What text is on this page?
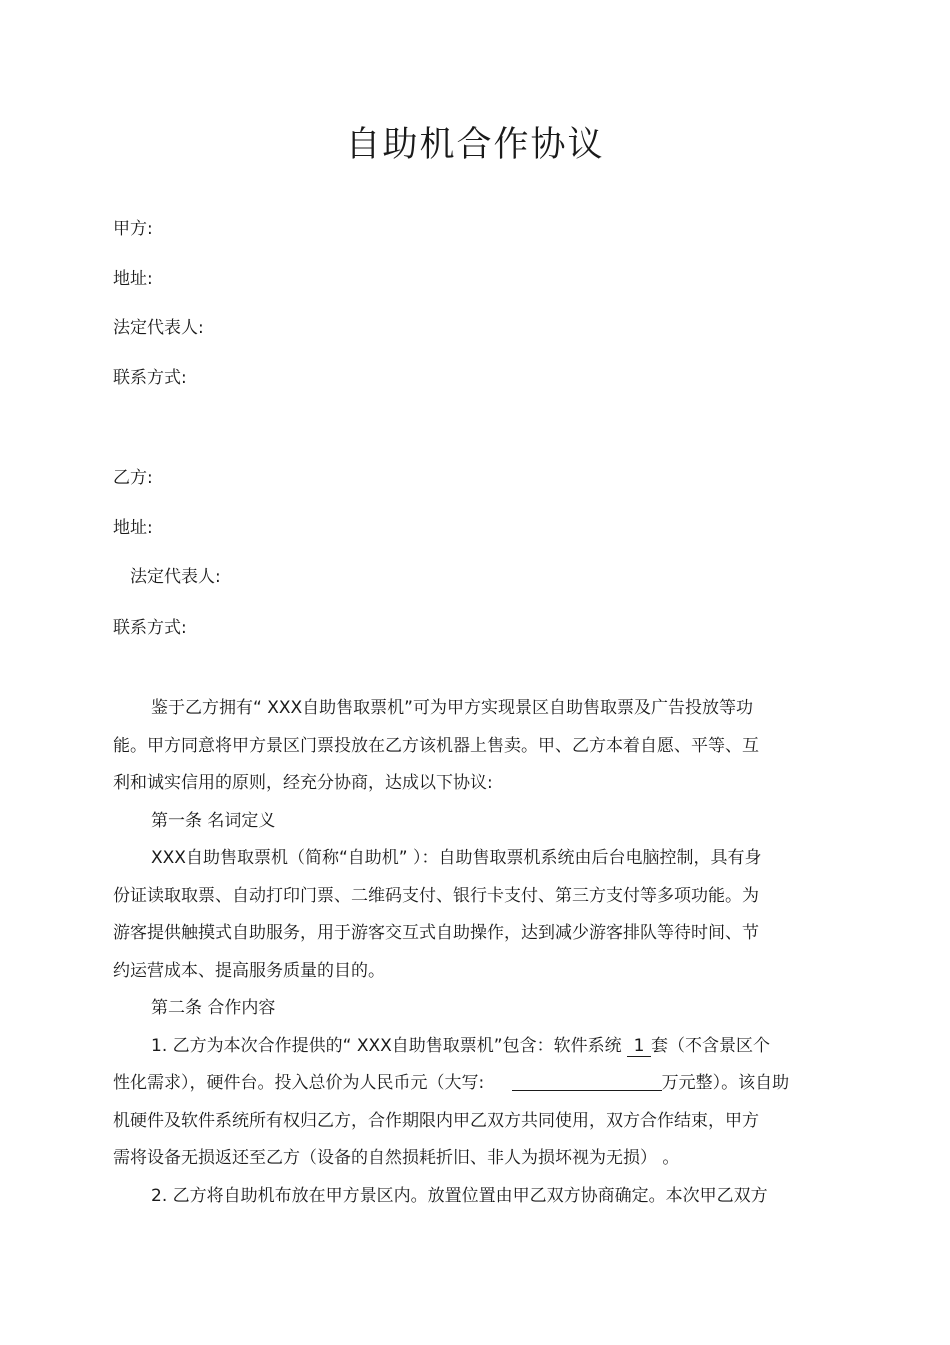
自助机合作协议
甲方:
地址:
法定代表人:
联系方式:
乙方:
地址:
法定代表人:
联系方式:
鉴于乙方拥有“ XXX自助售取票机”可为甲方实现景区自助售取票及广告投放等功
能。甲方同意将甲方景区门票投放在乙方该机器上售卖。甲、乙方本着自愿、平等、互
利和诚实信用的原则，经充分协商，达成以下协议:
第一条 名词定义
XXX自助售取票机（简称“自助机” ）：自助售取票机系统由后台电脑控制，具有身
份证读取取票、自动打印门票、二维码支付、银行卡支付、第三方支付等多项功能。为
游客提供触摸式自助服务，用于游客交互式自助操作，达到减少游客排队等待时间、节
约运营成本、提高服务质量的目的。
第二条 合作内容
1. 乙方为本次合作提供的“ XXX自助售取票机”包含：软件系统 1 套（不含景区个
性化需求），硬件台。投入总价为人民币元（大写:	万元整）。该自助
机硬件及软件系统所有权归乙方，合作期限内甲乙双方共同使用，双方合作结束，甲方
需将设备无损返还至乙方（设备的自然损耗折旧、非人为损坏视为无损） 。
2. 乙方将自助机布放在甲方景区内。放置位置由甲乙双方协商确定。本次甲乙双方
